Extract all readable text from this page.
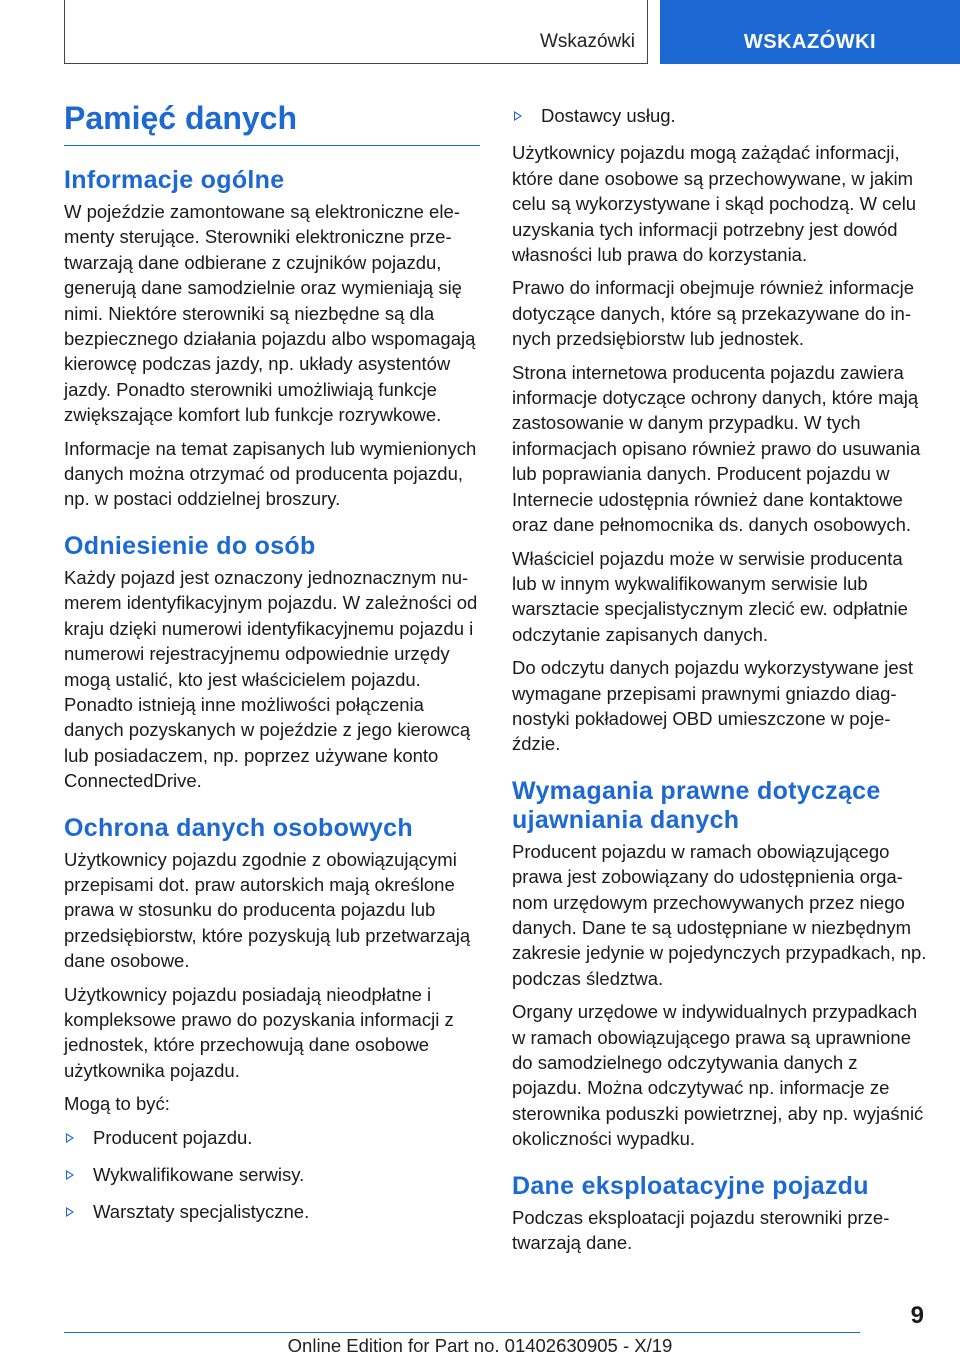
Wskazówki	WSKAZÓWKI
Pamięć danych
Informacje ogólne

W pojeździe zamontowane są elektroniczne elementy sterujące. Sterowniki elektroniczne przetwarzają dane odbierane z czujników pojazdu, generują dane samodzielnie oraz wymieniają się nimi. Niektóre sterowniki są niezbędne są dla bezpiecznego działania pojazdu albo wspomagają kierowcę podczas jazdy, np. układy asystentów jazdy. Ponadto sterowniki umożliwiają funkcje zwiększające komfort lub funkcje rozrywkowe.

Informacje na temat zapisanych lub wymienionych danych można otrzymać od producenta pojazdu, np. w postaci oddzielnej broszury.

Odniesienie do osób

Każdy pojazd jest oznaczony jednoznacznym numerem identyfikacyjnym pojazdu. W zależności od kraju dzięki numerowi identyfikacyjnemu pojazdu i numerowi rejestracyjnemu odpowiednie urzędy mogą ustalić, kto jest właścicielem pojazdu. Ponadto istnieją inne możliwości połączenia danych pozyskanych w pojeździe z jego kierowcą lub posiadaczem, np. poprzez używane konto ConnectedDrive.

Ochrona danych osobowych

Użytkownicy pojazdu zgodnie z obowiązującymi przepisami dot. praw autorskich mają określone prawa w stosunku do producenta pojazdu lub przedsiębiorstw, które pozyskują lub przetwarzają dane osobowe.

Użytkownicy pojazdu posiadają nieodpłatne i kompleksowe prawo do pozyskania informacji z jednostek, które przechowują dane osobowe użytkownika pojazdu.

Mogą to być:

Producent pojazdu.
Wykwalifikowane serwisy.
Warsztaty specjalistyczne.
Dostawcy usług.

Użytkownicy pojazdu mogą zażądać informacji, które dane osobowe są przechowywane, w jakim celu są wykorzystywane i skąd pochodzą. W celu uzyskania tych informacji potrzebny jest dowód własności lub prawa do korzystania.

Prawo do informacji obejmuje również informacje dotyczące danych, które są przekazywane do innych przedsiębiorstw lub jednostek.

Strona internetowa producenta pojazdu zawiera informacje dotyczące ochrony danych, które mają zastosowanie w danym przypadku. W tych informacjach opisano również prawo do usuwania lub poprawiania danych. Producent pojazdu w Internecie udostępnia również dane kontaktowe oraz dane pełnomocnika ds. danych osobowych.

Właściciel pojazdu może w serwisie producenta lub w innym wykwalifikowanym serwisie lub warsztacie specjalistycznym zlecić ew. odpłatnie odczytanie zapisanych danych.

Do odczytu danych pojazdu wykorzystywane jest wymagane przepisami prawnymi gniazdo diagnostyki pokładowej OBD umieszczone w pojeździe.

Wymagania prawne dotyczące ujawniania danych

Producent pojazdu w ramach obowiązującego prawa jest zobowiązany do udostępnienia organom urzędowym przechowywanych przez niego danych. Dane te są udostępniane w niezbędnym zakresie jedynie w pojedynczych przypadkach, np. podczas śledztwa.

Organy urzędowe w indywidualnych przypadkach w ramach obowiązującego prawa są uprawnione do samodzielnego odczytywania danych z pojazdu. Można odczytywać np. informacje ze sterownika poduszki powietrznej, aby np. wyjaśnić okoliczności wypadku.

Dane eksploatacyjne pojazdu

Podczas eksploatacji pojazdu sterowniki przetwarzają dane.

9
Online Edition for Part no. 01402630905 - X/19
